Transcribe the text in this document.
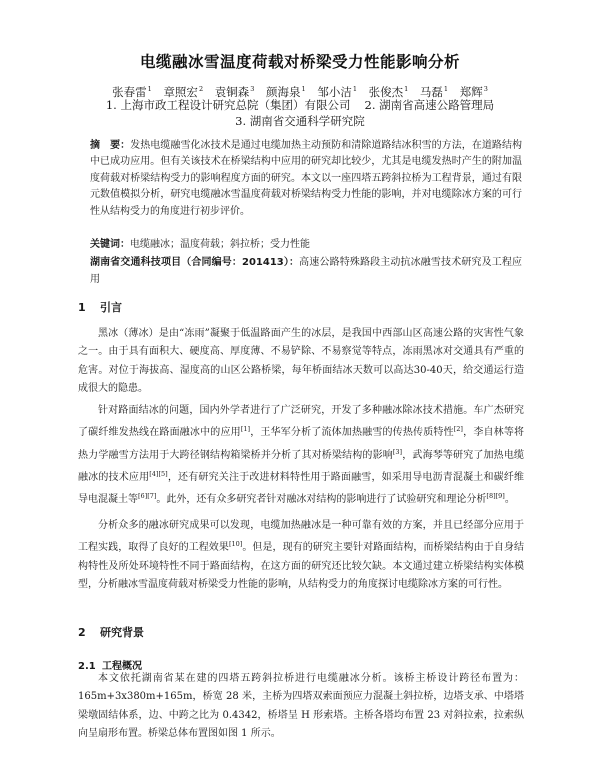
电缆融冰雪温度荷载对桥梁受力性能影响分析
张春雷$^1$ 章照宏$^2$ 袁铜森$^3$ 颜海泉$^1$ 邹小洁$^1$ 张俊杰$^1$ 马磊$^1$ 郑辉$^3$
1. 上海市政工程设计研究总院（集团）有限公司 2. 湖南省高速公路管理局
3. 湖南省交通科学研究院
摘　要：发热电缆融雪化冰技术是通过电缆加热主动预防和清除道路结冰积雪的方法，在道路结构中已成功应用。但有关该技术在桥梁结构中应用的研究却比较少，尤其是电缆发热时产生的附加温度荷载对桥梁结构受力的影响程度方面的研究。本文以一座四塔五跨斜拉桥为工程背景，通过有限元数值模拟分析，研究电缆融冰雪温度荷载对桥梁结构受力性能的影响，并对电缆除冰方案的可行性从结构受力的角度进行初步评价。
关键词：电缆融冰；温度荷载；斜拉桥；受力性能
湖南省交通科技项目（合同编号：201413）：高速公路特殊路段主动抗冰融雪技术研究及工程应用
1 引言
黑冰（薄冰）是由“冻雨”凝聚于低温路面产生的冰层，是我国中西部山区高速公路的灾害性气象之一。由于具有面积大、硬度高、厚度薄、不易铲除、不易察觉等特点，冻雨黑冰对交通具有严重的危害。对位于海拔高、湿度高的山区公路桥梁，每年桥面结冰天数可以高达30-40天，给交通运行造成很大的隐患。
针对路面结冰的问题，国内外学者进行了广泛研究，开发了多种融冰除冰技术措施。车广杰研究了碳纤维发热线在路面融冰中的应用[1]，王华军分析了流体加热融雪的传热传质特性[2]，李自林等将热力学融雪方法用于大跨径钢结构箱梁桥并分析了其对桥梁结构的影响[3]，武海琴等研究了加热电缆融冰的技术应用[4][5]，还有研究关注于改进材料特性用于路面融雪，如采用导电沥青混凝土和碳纤维导电混凝土等[6][7]。此外，还有众多研究者针对融冰对结构的影响进行了试验研究和理论分析[8][9]。
分析众多的融冰研究成果可以发现，电缆加热融冰是一种可靠有效的方案，并且已经部分应用于工程实践，取得了良好的工程效果[10]。但是，现有的研究主要针对路面结构，而桥梁结构由于自身结构特性及所处环境特性不同于路面结构，在这方面的研究还比较欠缺。本文通过建立桥梁结构实体模型，分析融冰雪温度荷载对桥梁受力性能的影响，从结构受力的角度探讨电缆除冰方案的可行性。
2 研究背景
2.1 工程概况
本文依托湖南省某在建的四塔五跨斜拉桥进行电缆融冰分析。该桥主桥设计跨径布置为：165m+3x380m+165m，桥宽 28 米，主桥为四塔双索面预应力混凝土斜拉桥，边塔支承、中塔塔梁墩固结体系，边、中跨之比为 0.4342，桥塔呈 H 形索塔。主桥各塔均布置 23 对斜拉索，拉索纵向呈扇形布置。桥梁总体布置图如图 1 所示。
